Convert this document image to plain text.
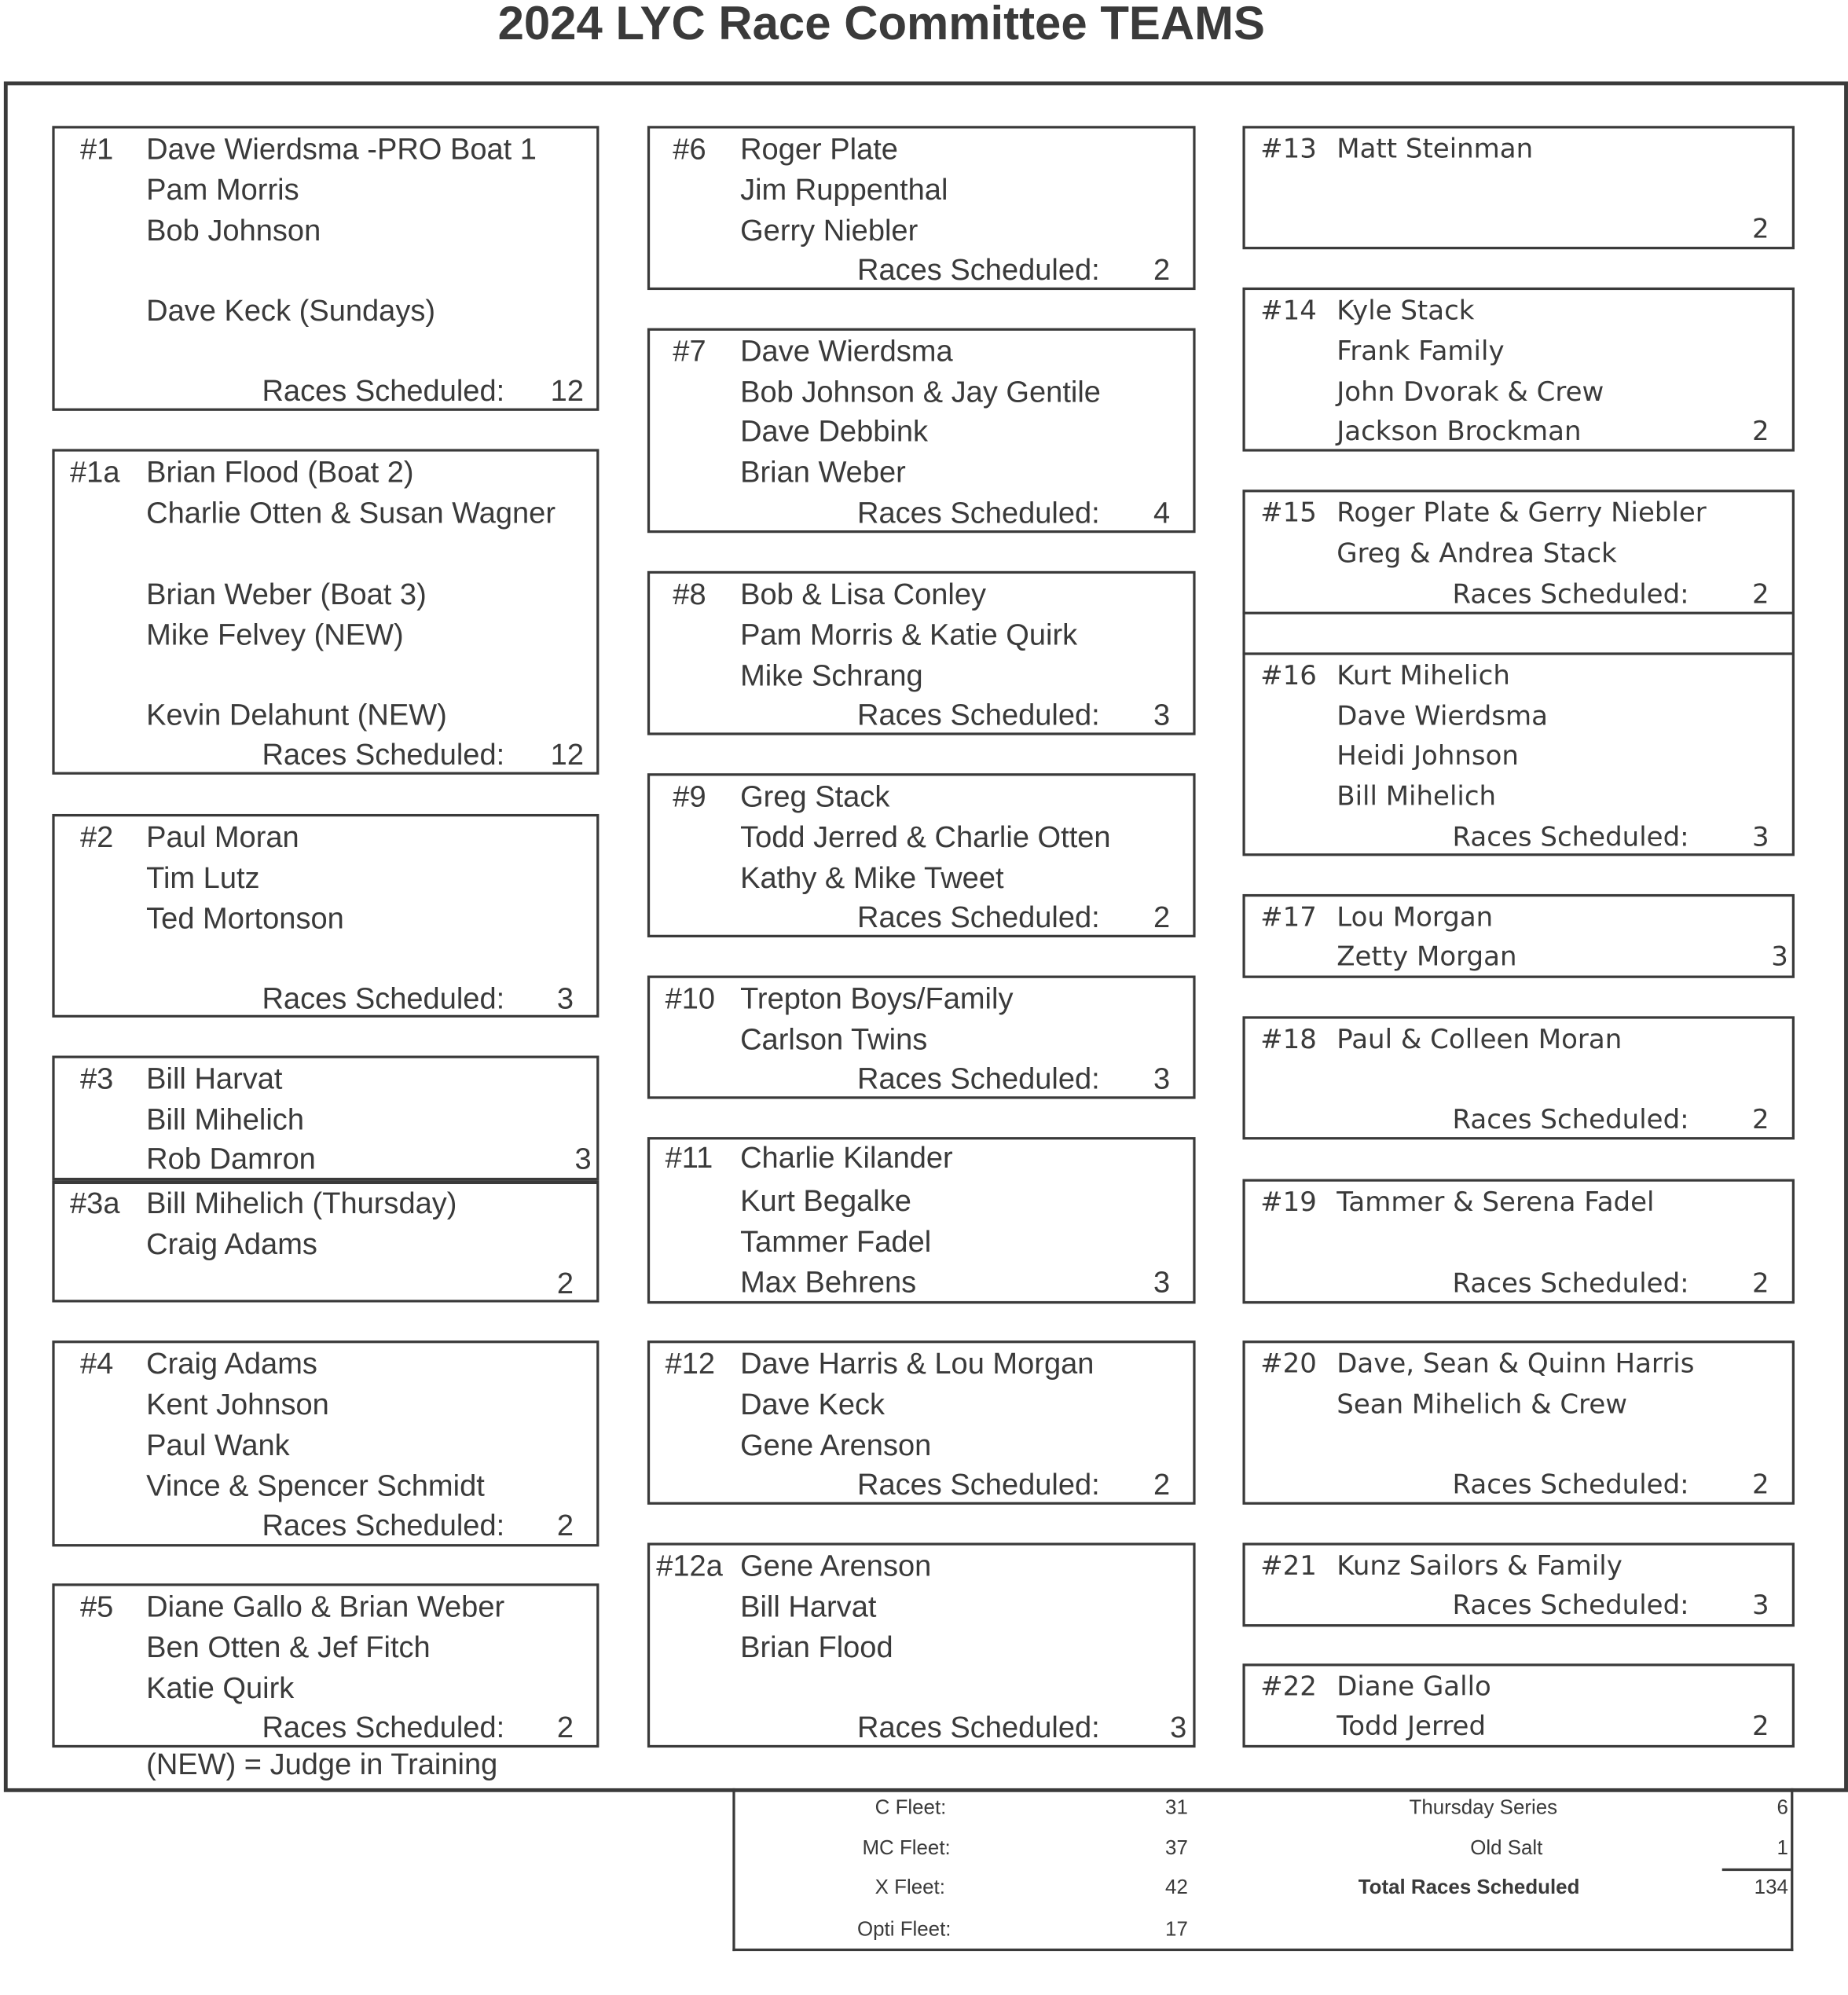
2024 LYC Race Committee TEAMS
#1 Dave Wierdsma -PRO Boat 1
Pam Morris
Bob Johnson
Dave Keck (Sundays)
Races Scheduled: 12
#1a Brian Flood (Boat 2)
Charlie Otten & Susan Wagner
Brian Weber (Boat 3)
Mike Felvey (NEW)
Kevin Delahunt (NEW)
Races Scheduled: 12
#2 Paul Moran
Tim Lutz
Ted Mortonson
Races Scheduled:	3
#3 Bill Harvat
Bill Mihelich
Rob Damron	3
#3a Bill Mihelich (Thursday)
Craig Adams
2
#4 Craig Adams
Kent Johnson
Paul Wank
Vince & Spencer Schmidt
Races Scheduled:	2
#5 Diane Gallo & Brian Weber
Ben Otten & Jef Fitch
Katie Quirk
Races Scheduled:	2
(NEW) = Judge in Training
#6 Roger Plate
Jim Ruppenthal
Gerry Niebler
Races Scheduled:	2
#7 Dave Wierdsma
Bob Johnson & Jay Gentile
Dave Debbink
Brian Weber
Races Scheduled:	4
#8 Bob & Lisa Conley
Pam Morris & Katie Quirk
Mike Schrang
Races Scheduled:	3
#9 Greg Stack
Todd Jerred & Charlie Otten
Kathy & Mike Tweet
Races Scheduled:	2
#10 Trepton Boys/Family
Carlson Twins
Races Scheduled:	3
#11 Charlie Kilander
Kurt Begalke
Tammer Fadel
Max Behrens	3
#12 Dave Harris & Lou Morgan
Dave Keck
Gene Arenson
Races Scheduled:	2
#12a Gene Arenson
Bill Harvat
Brian Flood
Races Scheduled:	3
#13 Matt Steinman
2
#14 Kyle Stack
Frank Family
John Dvorak & Crew
Jackson Brockman	2
#15 Roger Plate & Gerry Niebler
Greg & Andrea Stack
Races Scheduled:	2
#16 Kurt Mihelich
Dave Wierdsma
Heidi Johnson
Bill Mihelich
Races Scheduled:	3
#17 Lou Morgan
Zetty Morgan	3
#18 Paul & Colleen Moran
Races Scheduled:	2
#19 Tammer & Serena Fadel
Races Scheduled:	2
#20 Dave, Sean & Quinn Harris
Sean Mihelich & Crew
Races Scheduled:	2
#21 Kunz Sailors & Family
Races Scheduled:	3
#22 Diane Gallo
Todd Jerred	2
C Fleet:	31
MC Fleet:	37
X Fleet:	42
Opti Fleet:	17
Thursday Series	6
Old Salt	1
Total Races Scheduled	134
